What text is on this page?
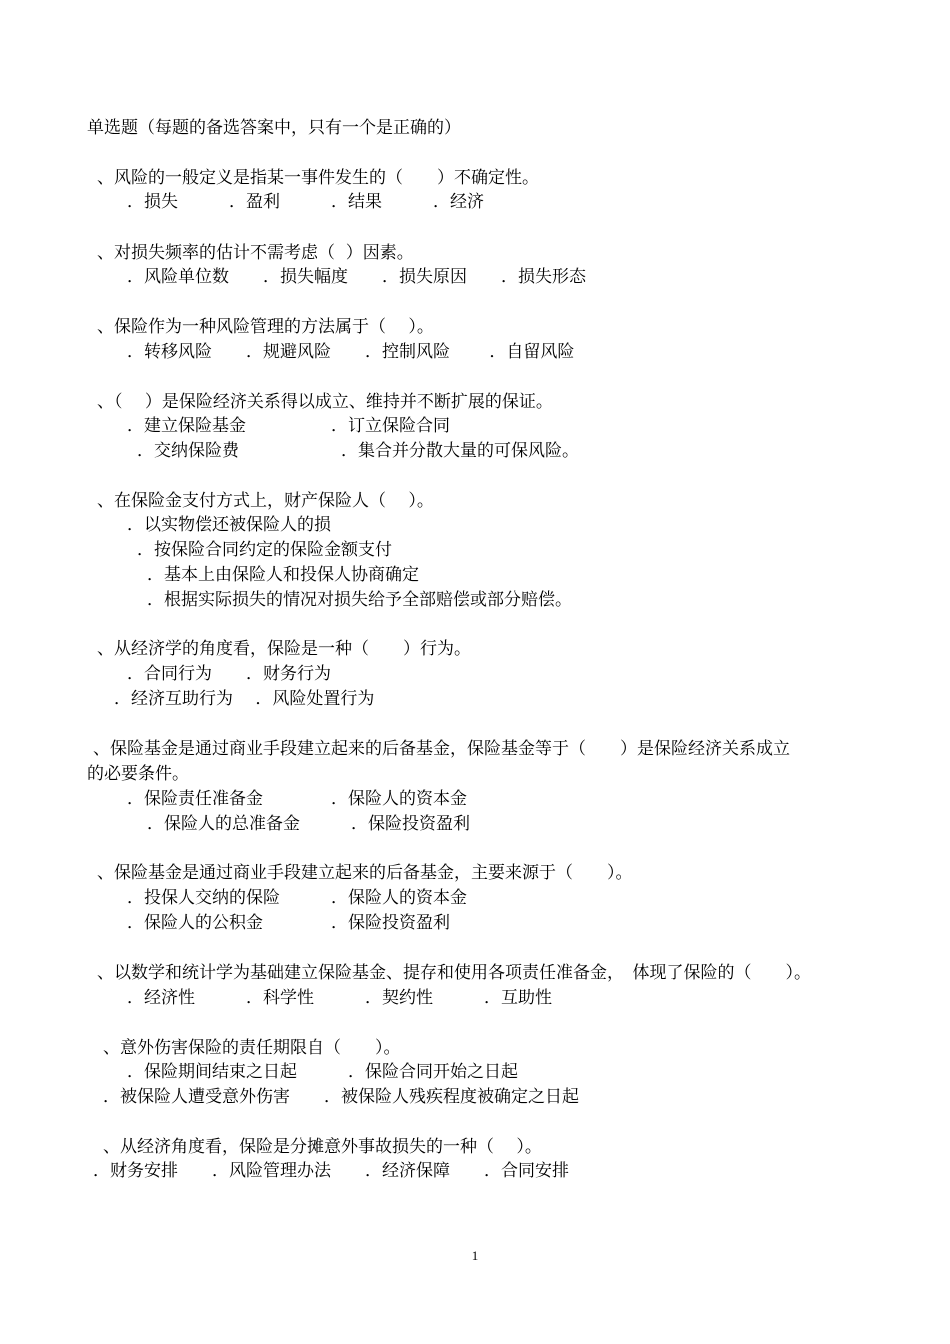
单选题（每题的备选答案中，只有一个是正确的）
、风险的一般定义是指某一事件发生的（　　）不确定性。
．损失　　　．盈利　　　．结果　　　．经济
、对损失频率的估计不需考虑（  ）因素。
．风险单位数　　．损失幅度　　．损失原因　　．损失形态
、保险作为一种风险管理的方法属于（　 ）。
．转移风险　　．规避风险　　．控制风险　　 ．自留风险
、（　 ）是保险经济关系得以成立、维持并不断扩展的保证。
．建立保险基金　　　　　．订立保险合同
．交纳保险费　　　　　　．集合并分散大量的可保风险。
、在保险金支付方式上，财产保险人（　 ）。
．以实物偿还被保险人的损
．按保险合同约定的保险金额支付
．基本上由保险人和投保人协商确定
．根据实际损失的情况对损失给予全部赔偿或部分赔偿。
、从经济学的角度看，保险是一种（　　）行为。
．合同行为　　．财务行为
．经济互助行为　 ．风险处置行为
、保险基金是通过商业手段建立起来的后备基金，保险基金等于（　　）是保险经济关系成立
的必要条件。
．保险责任准备金　　　　．保险人的资本金
．保险人的总准备金　　　．保险投资盈利
、保险基金是通过商业手段建立起来的后备基金，主要来源于（　　）。
．投保人交纳的保险　　　．保险人的资本金
．保险人的公积金　　　　．保险投资盈利
、以数学和统计学为基础建立保险基金、提存和使用各项责任准备金，　体现了保险的（　　）。
．经济性　　　．科学性　　　．契约性　　　．互助性
、意外伤害保险的责任期限自（　　）。
．保险期间结束之日起　　　．保险合同开始之日起
．被保险人遭受意外伤害　　．被保险人残疾程度被确定之日起
、从经济角度看，保险是分摊意外事故损失的一种（　 ）。
．财务安排　　．风险管理办法　　．经济保障　　．合同安排
1
